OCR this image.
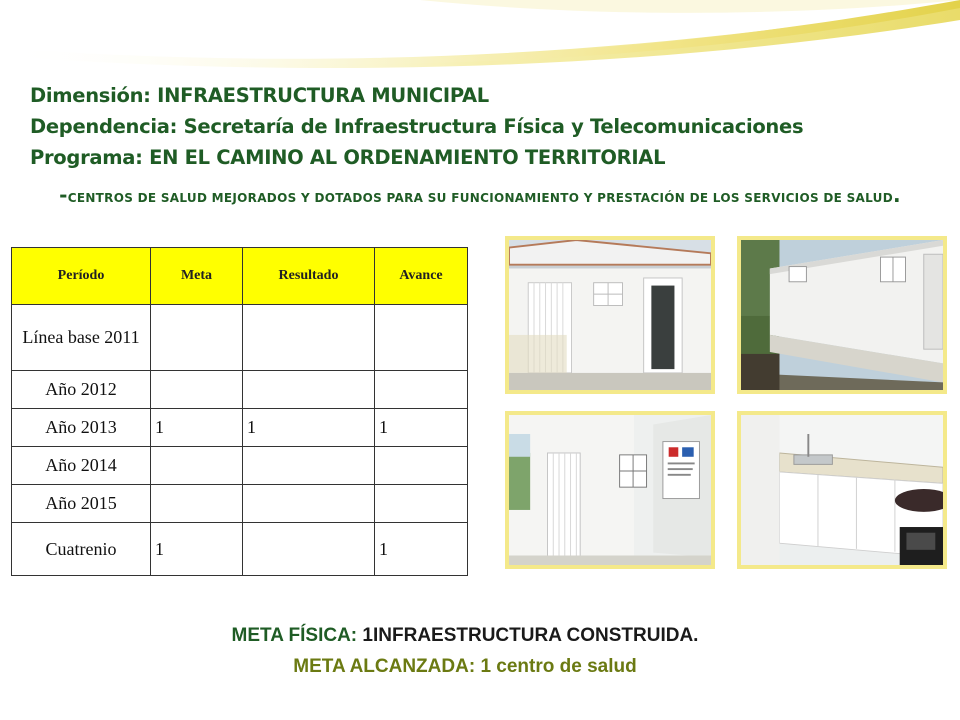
Dimensión: INFRAESTRUCTURA MUNICIPAL
Dependencia: Secretaría de Infraestructura Física y Telecomunicaciones
Programa: EN EL CAMINO AL ORDENAMIENTO TERRITORIAL
-CENTROS DE SALUD MEJORADOS Y DOTADOS PARA SU FUNCIONAMIENTO Y PRESTACIÓN DE LOS SERVICIOS DE SALUD.
Período	Meta	Resultado	Avance
Línea base 2011			
Año 2012			
Año 2013	1	1	1
Año 2014			
Año 2015			
Cuatrenio	1		1
META FÍSICA: 1INFRAESTRUCTURA CONSTRUIDA.
META ALCANZADA: 1 centro de salud
